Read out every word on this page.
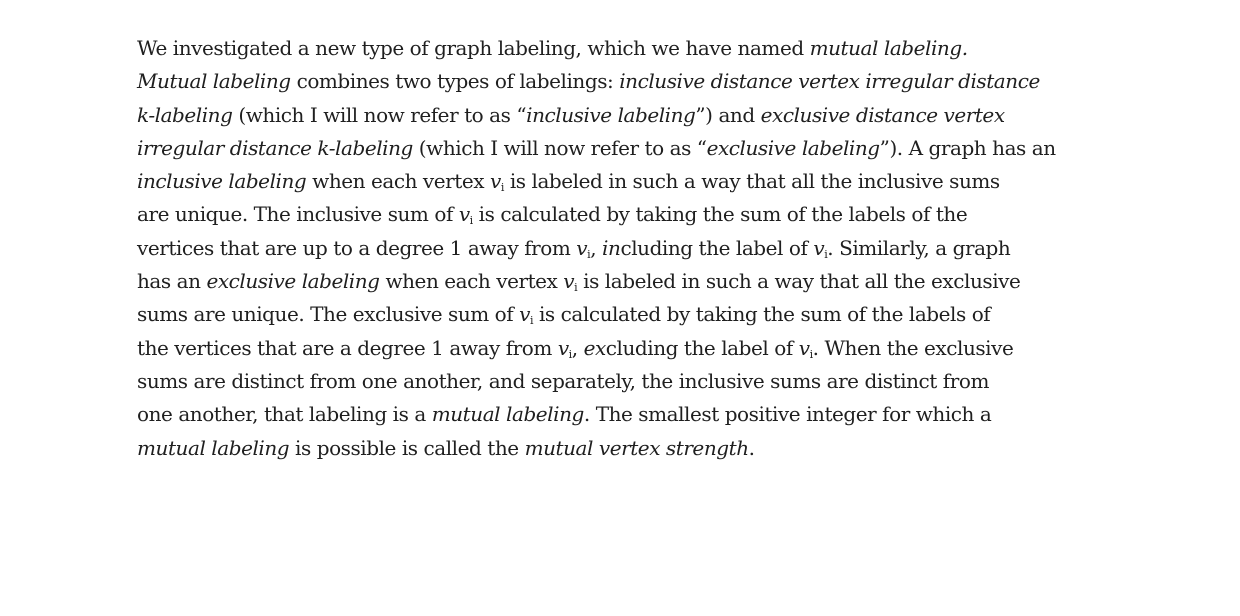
We investigated a new type of graph labeling, which we have named mutual labeling.
Mutual labeling combines two types of labelings: inclusive distance vertex irregular distance
k-labeling (which I will now refer to as “inclusive labeling”) and exclusive distance vertex
irregular distance k-labeling (which I will now refer to as “exclusive labeling”). A graph has an
inclusive labeling when each vertex $v_i$ is labeled in such a way that all the inclusive sums
are unique. The inclusive sum of $v_i$ is calculated by taking the sum of the labels of the
vertices that are up to a degree 1 away from $v_i$, including the label of $v_i$. Similarly, a graph
has an exclusive labeling when each vertex $v_i$ is labeled in such a way that all the exclusive
sums are unique. The exclusive sum of $v_i$ is calculated by taking the sum of the labels of
the vertices that are a degree 1 away from $v_i$, excluding the label of $v_i$. When the exclusive
sums are distinct from one another, and separately, the inclusive sums are distinct from
one another, that labeling is a mutual labeling. The smallest positive integer for which a
mutual labeling is possible is called the mutual vertex strength.
